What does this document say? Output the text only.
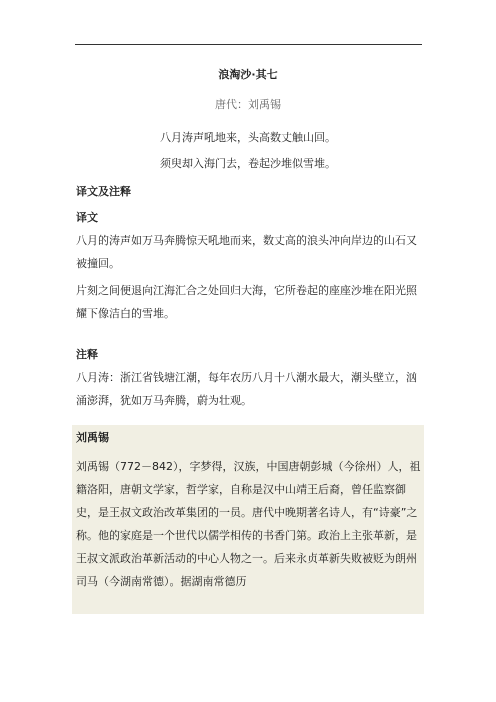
浪淘沙·其七
唐代：刘禹锡
八月涛声吼地来，头高数丈触山回。
须臾却入海门去，卷起沙堆似雪堆。
译文及注释
译文
八月的涛声如万马奔腾惊天吼地而来，数丈高的浪头冲向岸边的山石又被撞回。
片刻之间便退向江海汇合之处回归大海，它所卷起的座座沙堆在阳光照耀下像洁白的雪堆。
注释
八月涛：浙江省钱塘江潮，每年农历八月十八潮水最大，潮头壁立，汹涌澎湃，犹如万马奔腾，蔚为壮观。
刘禹锡
刘禹锡（772－842），字梦得，汉族，中国唐朝彭城（今徐州）人，祖籍洛阳，唐朝文学家，哲学家，自称是汉中山靖王后裔，曾任监察御史，是王叔文政治改革集团的一员。唐代中晚期著名诗人，有“诗豪”之称。他的家庭是一个世代以儒学相传的书香门第。政治上主张革新，是王叔文派政治革新活动的中心人物之一。后来永贞革新失败被贬为朗州司马（今湖南常德）。据湖南常德历
